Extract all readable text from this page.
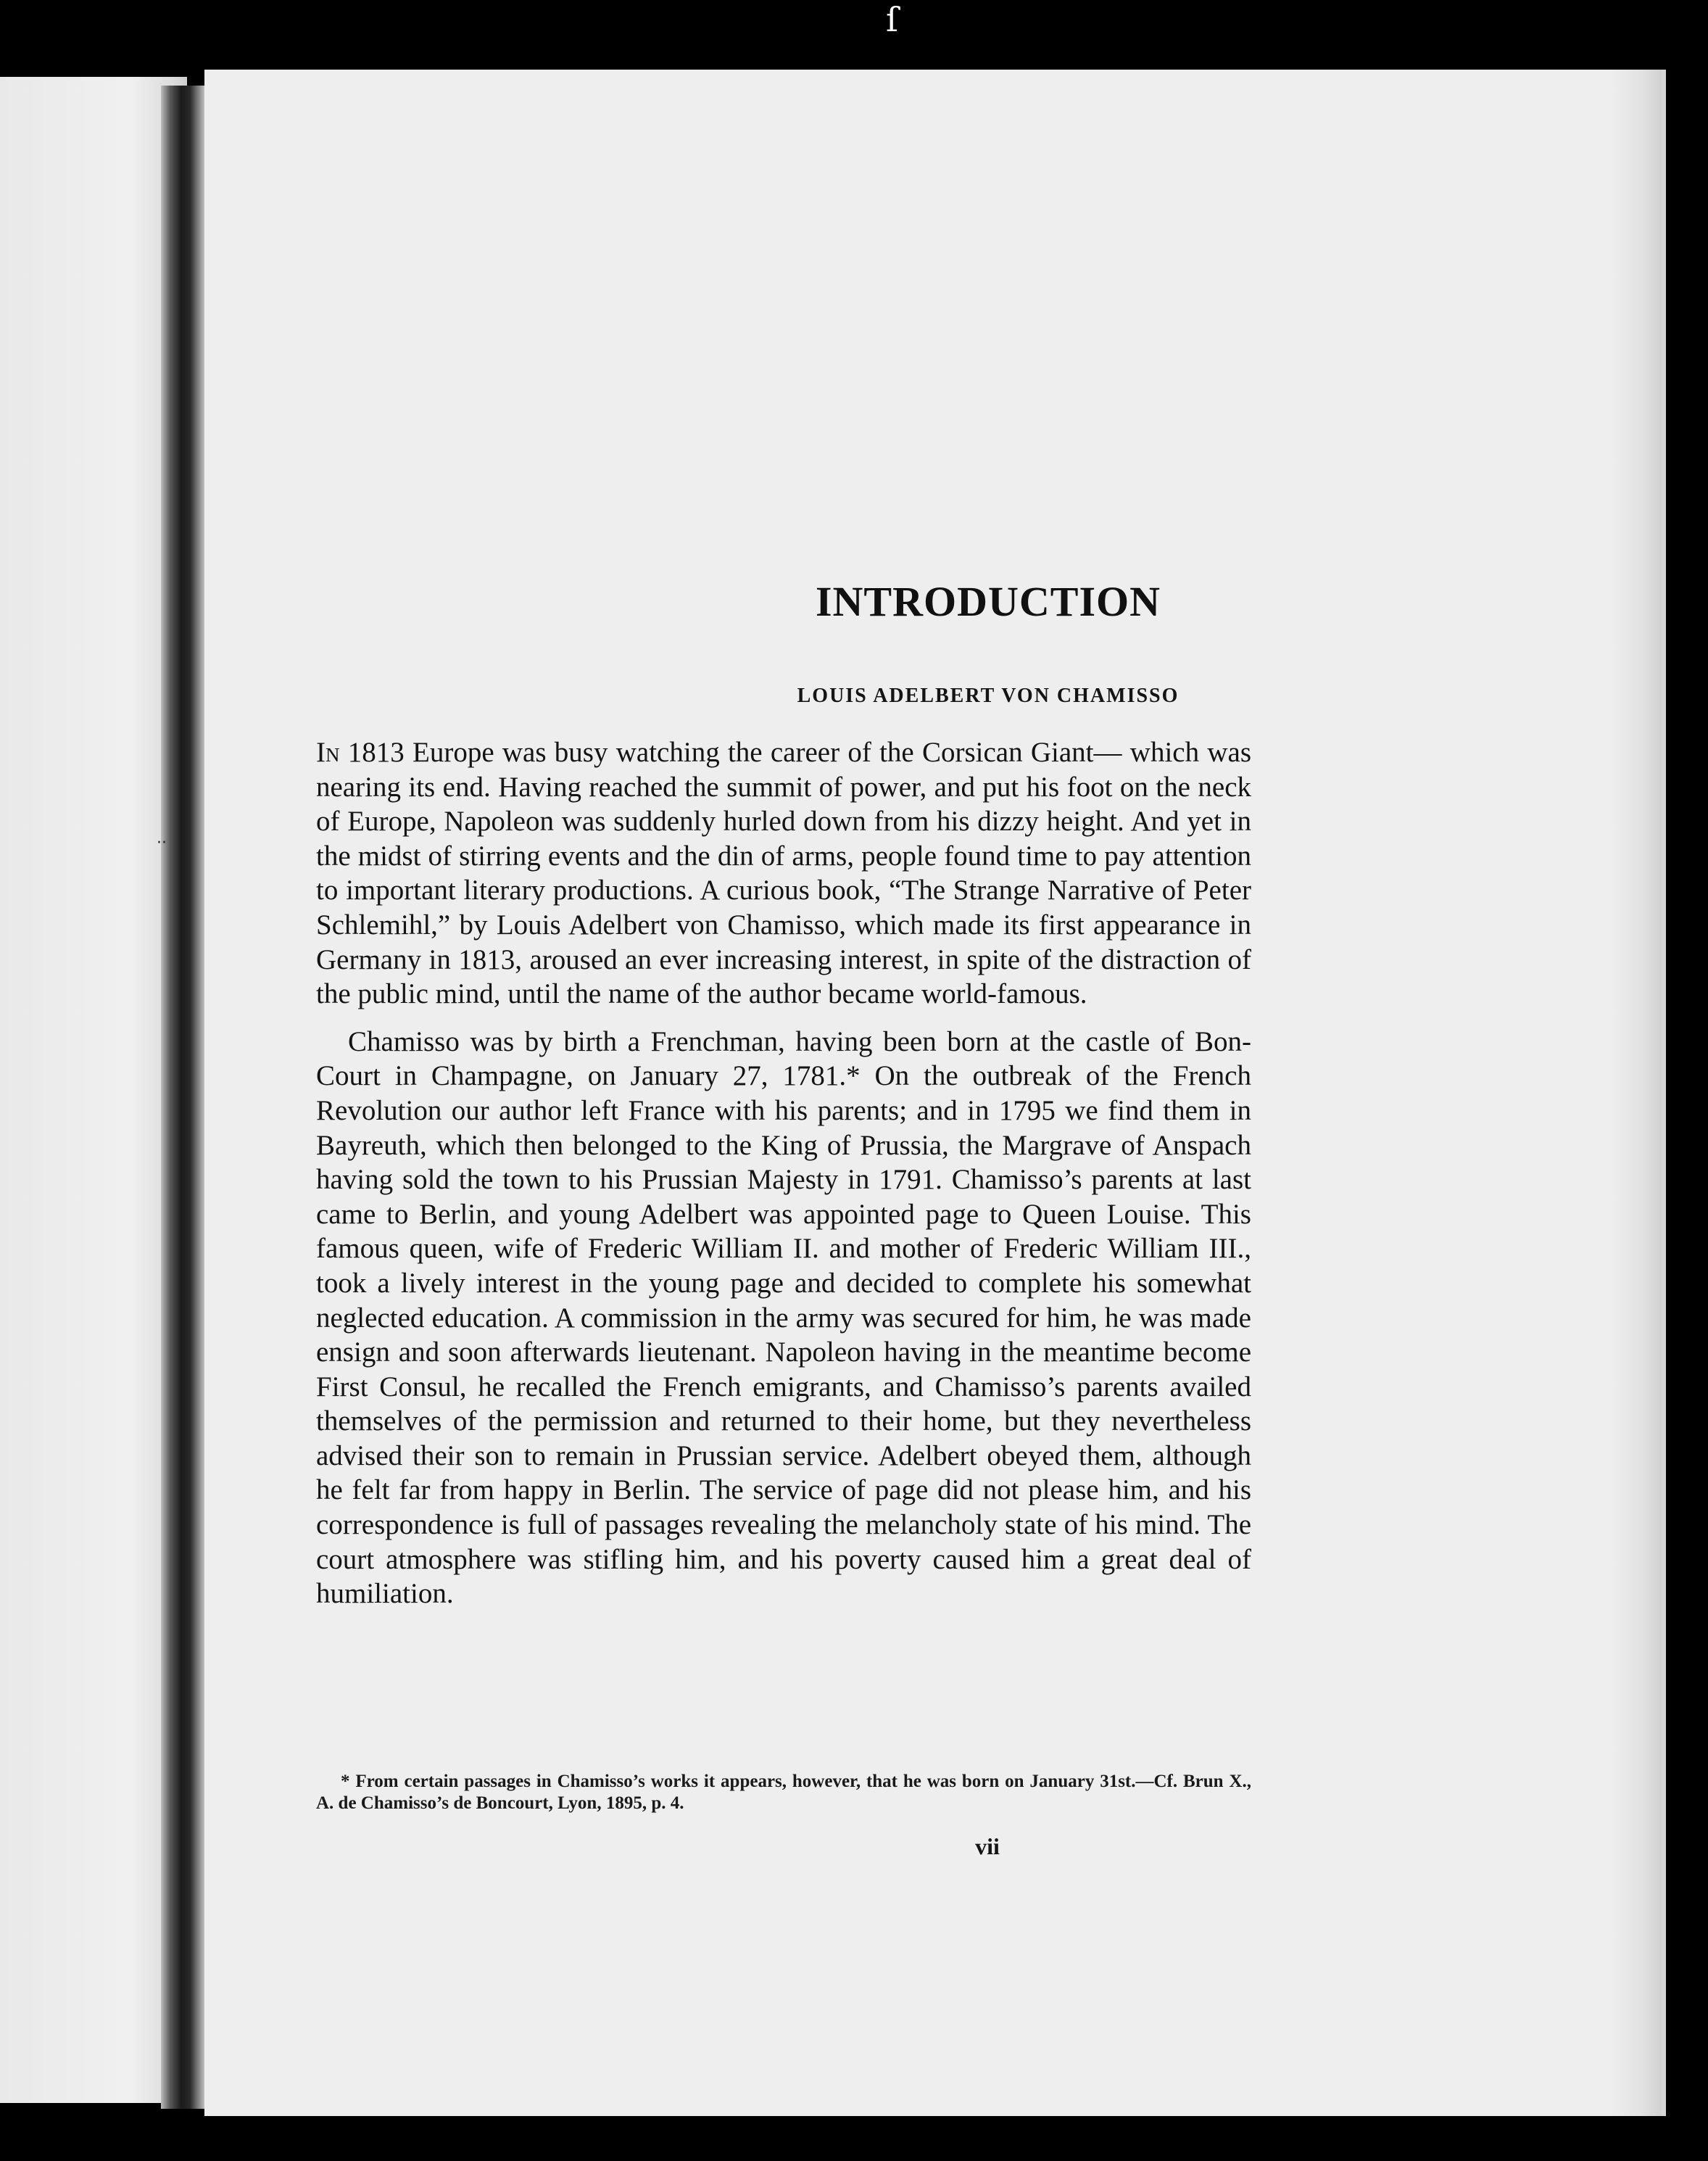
ſ
··
INTRODUCTION
LOUIS ADELBERT VON CHAMISSO

In 1813 Europe was busy watching the career of the Corsican Giant— which was nearing its end. Having reached the summit of power, and put his foot on the neck of Europe, Napoleon was suddenly hurled down from his dizzy height. And yet in the midst of stirring events and the din of arms, people found time to pay attention to important literary productions. A curious book, “The Strange Narrative of Peter Schlemihl,” by Louis Adelbert von Chamisso, which made its first appearance in Germany in 1813, aroused an ever increasing interest, in spite of the distraction of the public mind, until the name of the author became world-famous.

Chamisso was by birth a Frenchman, having been born at the castle of Bon-Court in Champagne, on January 27, 1781.* On the outbreak of the French Revolution our author left France with his parents; and in 1795 we find them in Bayreuth, which then belonged to the King of Prussia, the Margrave of Anspach having sold the town to his Prussian Majesty in 1791. Chamisso’s parents at last came to Berlin, and young Adelbert was appointed page to Queen Louise. This famous queen, wife of Frederic William II. and mother of Frederic William III., took a lively interest in the young page and decided to complete his somewhat neglected education. A commission in the army was secured for him, he was made ensign and soon afterwards lieutenant. Napoleon having in the meantime become First Consul, he recalled the French emigrants, and Chamisso’s parents availed themselves of the permission and returned to their home, but they nevertheless advised their son to remain in Prussian service. Adelbert obeyed them, although he felt far from happy in Berlin. The service of page did not please him, and his correspondence is full of passages revealing the melancholy state of his mind. The court atmosphere was stifling him, and his poverty caused him a great deal of humiliation.

* From certain passages in Chamisso’s works it appears, however, that he was born on January 31st.—Cf. Brun X., A. de Chamisso’s de Boncourt, Lyon, 1895, p. 4.
vii
